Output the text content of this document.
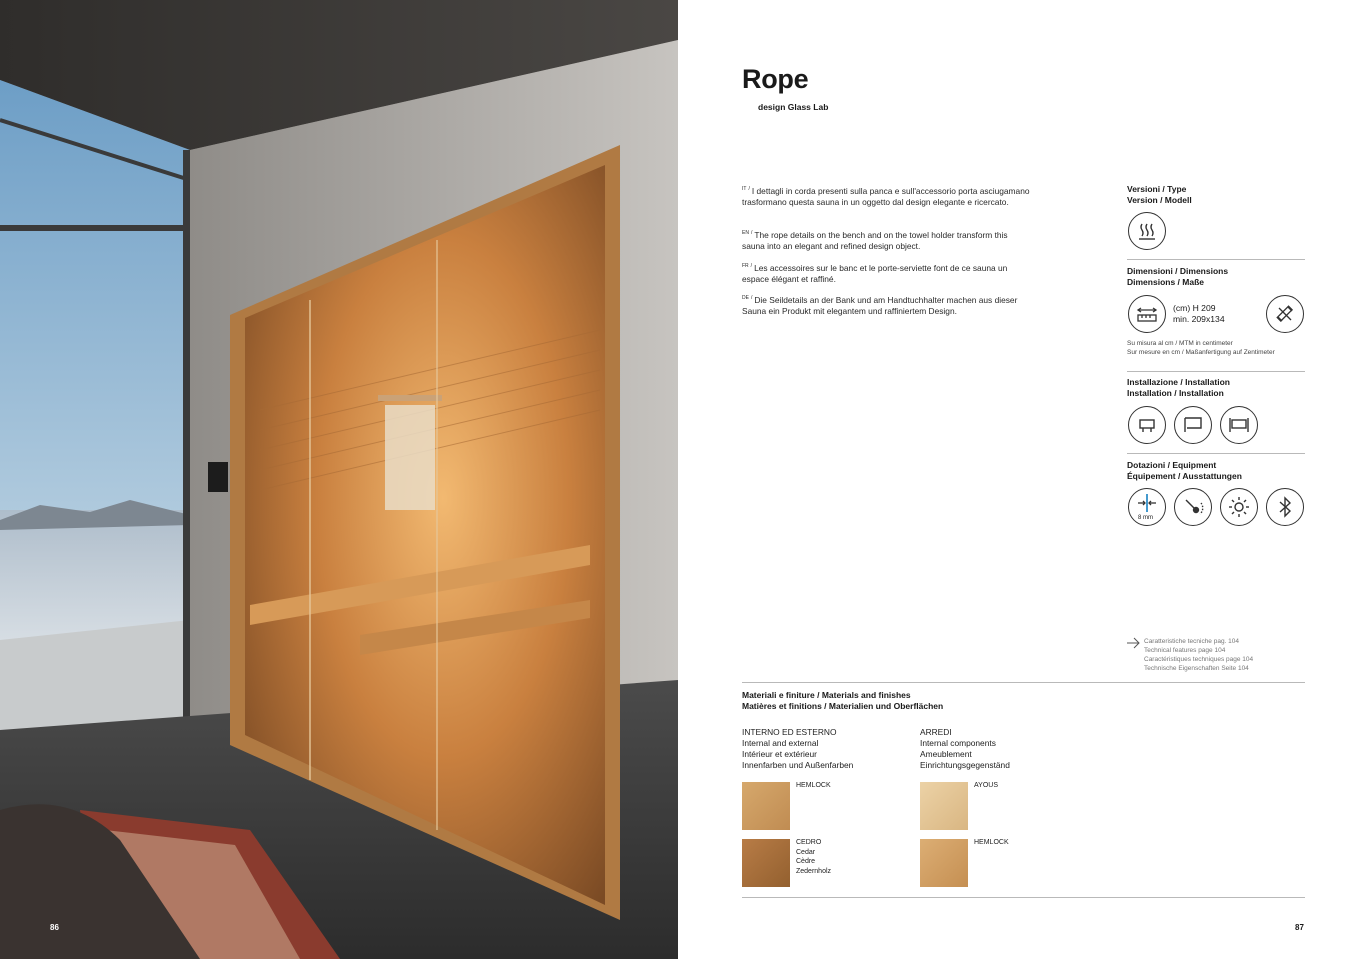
86
Rope
design Glass Lab
$^{IT}$ / I dettagli in corda presenti sulla panca e sull'accessorio porta asciugamano trasformano questa sauna in un oggetto dal design elegante e ricercato.
$^{EN}$ / The rope details on the bench and on the towel holder transform this sauna into an elegant and refined design object.
$^{FR}$ / Les accessoires sur le banc et le porte-serviette font de ce sauna un espace élégant et raffiné.
$^{DE}$ / Die Seildetails an der Bank und am Handtuchhalter machen aus dieser Sauna ein Produkt mit elegantem und raffiniertem Design.
Versioni / Type
Version / Modell
Dimensioni / Dimensions
Dimensions / Maße
(cm) H 209
min. 209x134
Su misura al cm / MTM in centimeter
Sur mesure en cm / Maßanfertigung auf Zentimeter
Installazione / Installation
Installation / Installation
Dotazioni / Equipment
Équipement / Ausstattungen
8 mm
Caratteristiche tecniche pag. 104
Technical features page 104
Caractéristiques techniques page 104
Technische Eigenschaften Seite 104
Materiali e finiture / Materials and finishes
Matières et finitions / Materialien und Oberflächen
INTERNO ED ESTERNO
Internal and external
Intérieur et extérieur
Innenfarben und Außenfarben
ARREDI
Internal components
Ameublement
Einrichtungsgegenständ
HEMLOCK
CEDRO
Cedar
Cèdre
Zedernholz
AYOUS
HEMLOCK
87
